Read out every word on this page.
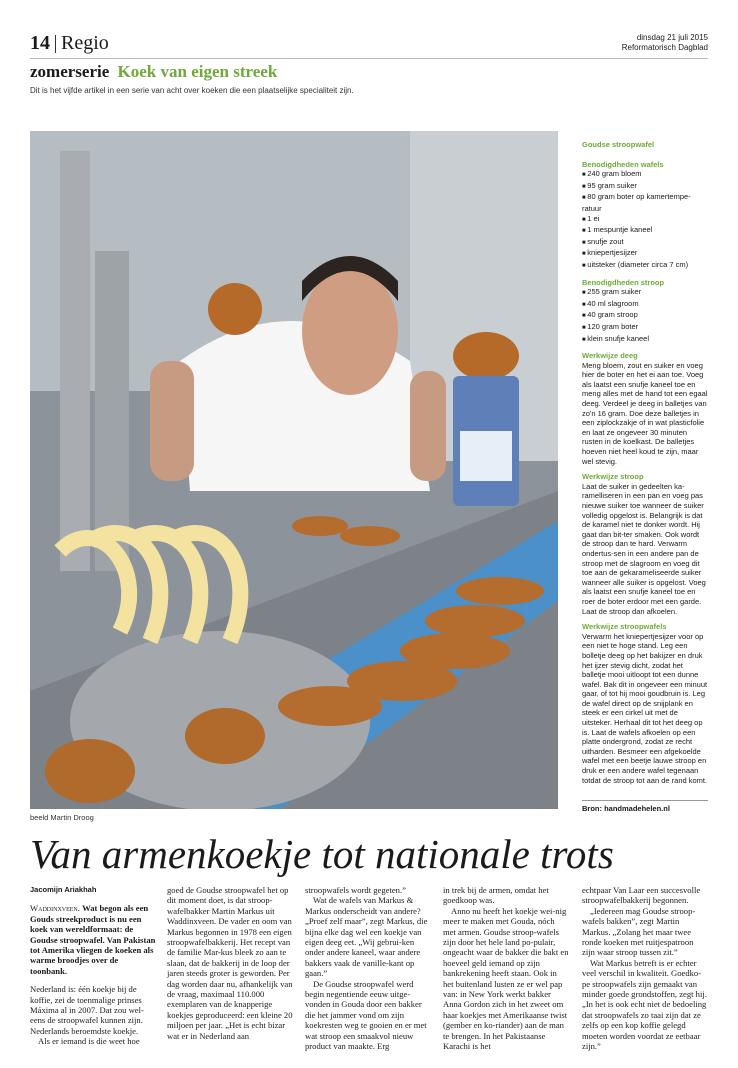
14 Regio	dinsdag 21 juli 2015
Reformatorisch Dagblad
zomerserie Koek van eigen streek
Dit is het vijfde artikel in een serie van acht over koeken die een plaatselijke specialiteit zijn.
beeld Martin Droog
Goudse stroopwafel
Benodigdheden wafels
■ 240 gram bloem
■ 95 gram suiker
■ 80 gram boter op kamertempe-ratuur
■ 1 ei
■ 1 mespuntje kaneel
■ snufje zout
■ kniepertjesijzer
■ uitsteker (diameter circa 7 cm)
Benodigdheden stroop
■ 255 gram suiker
■ 40 ml slagroom
■ 40 gram stroop
■ 120 gram boter
■ klein snufje kaneel
Werkwijze deeg

Meng bloem, zout en suiker en voeg hier de boter en het ei aan toe. Voeg als laatst een snufje kaneel toe en meng alles met de hand tot een egaal deeg. Verdeel je deeg in balletjes van zo'n 16 gram. Doe deze balletjes in een ziplockzakje of in wat plasticfolie en laat ze ongeveer 30 minuten rusten in de koelkast. De balletjes hoeven niet heel koud te zijn, maar wel stevig.

Werkwijze stroop

Laat de suiker in gedeelten ka-ramelliseren in een pan en voeg pas nieuwe suiker toe wanneer de suiker volledig opgelost is. Belangrijk is dat de karamel niet te donker wordt. Hij gaat dan bit-ter smaken. Ook wordt de stroop dan te hard. Verwarm ondertus-sen in een andere pan de stroop met de slagroom en voeg dit toe aan de gekarameliseerde suiker wanneer alle suiker is opgelost. Voeg als laatst een snufje kaneel toe en roer de boter erdoor met een garde. Laat de stroop dan afkoelen.

Werkwijze stroopwafels

Verwarm het kniepertjesijzer voor op een niet te hoge stand. Leg een bolletje deeg op het bakijzer en druk het ijzer stevig dicht, zodat het balletje mooi uitloopt tot een dunne wafel. Bak dit in ongeveer een minuut gaar, of tot hij mooi goudbruin is. Leg de wafel direct op de snijplank en steek er een cirkel uit met de uitsteker. Herhaal dit tot het deeg op is. Laat de wafels afkoelen op een platte ondergrond, zodat ze recht uitharden. Besmeer een afgekoelde wafel met een beetje lauwe stroop en druk er een andere wafel tegenaan totdat de stroop tot aan de rand komt.

Bron: handmadehelen.nl
Van armenkoekje tot nationale trots

Jacomijn Ariakhah

Waddinxveen. Wat begon als een Gouds streekproduct is nu een koek van wereldformaat: de Goudse stroopwafel. Van Pakistan tot Amerika vliegen de koeken als warme broodjes over de toonbank.

Nederland is: één koekje bij de koffie, zei de toenmalige prinses Máxima al in 2007. Dat zou wel-eens de stroopwafel kunnen zijn. Nederlands beroemdste koekje.

Als er iemand is die weet hoe

goed de Goudse stroopwafel het op dit moment doet, is dat stroop-wafelbakker Martin Markus uit Waddinxveen. De vader en oom van Markus begonnen in 1978 een eigen stroopwafelbakkerij. Het recept van de familie Mar-kus bleek zo aan te slaan, dat de bakkerij in de loop der jaren steeds groter is geworden. Per dag worden daar nu, afhankelijk van de vraag, maximaal 110.000 exemplaren van de knapperige koekjes geproduceerd: een kleine 20 miljoen per jaar. „Het is echt bizar wat er in Nederland aan

stroopwafels wordt gegeten.”

Wat de wafels van Markus & Markus onderscheidt van andere? „Proef zelf maar”, zegt Markus, die bijna elke dag wel een koekje van eigen deeg eet. „Wij gebrui-ken onder andere kaneel, waar andere bakkers vaak de vanille-kant op gaan.”

De Goudse stroopwafel werd begin negentiende eeuw uitge-vonden in Gouda door een bakker die het jammer vond om zijn koekresten weg te gooien en er met wat stroop een smaakvol nieuw product van maakte. Erg

in trek bij de armen, omdat het goedkoop was.

Anno nu heeft het koekje wei-nig meer te maken met Gouda, nóch met armen. Goudse stroop-wafels zijn door het hele land po-pulair, ongeacht waar de bakker die bakt en hoeveel geld iemand op zijn bankrekening heeft staan. Ook in het buitenland lusten ze er wel pap van: in New York werkt bakker Anna Gordon zich in het zweet om haar koekjes met Amerikaanse twist (gember en ko-riander) aan de man te brengen. In het Pakistaanse Karachi is het

echtpaar Van Laar een succesvolle stroopwafelbakkerij begonnen.

„Iedereen mag Goudse stroop-wafels bakken”, zegt Martin Markus. „Zolang het maar twee ronde koeken met ruitjespatroon zijn waar stroop tussen zit.”

Wat Markus betreft is er echter veel verschil in kwaliteit. Goedko-pe stroopwafels zijn gemaakt van minder goede grondstoffen, zegt hij. „In het is ook echt niet de bedoeling dat stroopwafels zo taai zijn dat ze zelfs op een kop koffie gelegd moeten worden voordat ze eetbaar zijn.”
